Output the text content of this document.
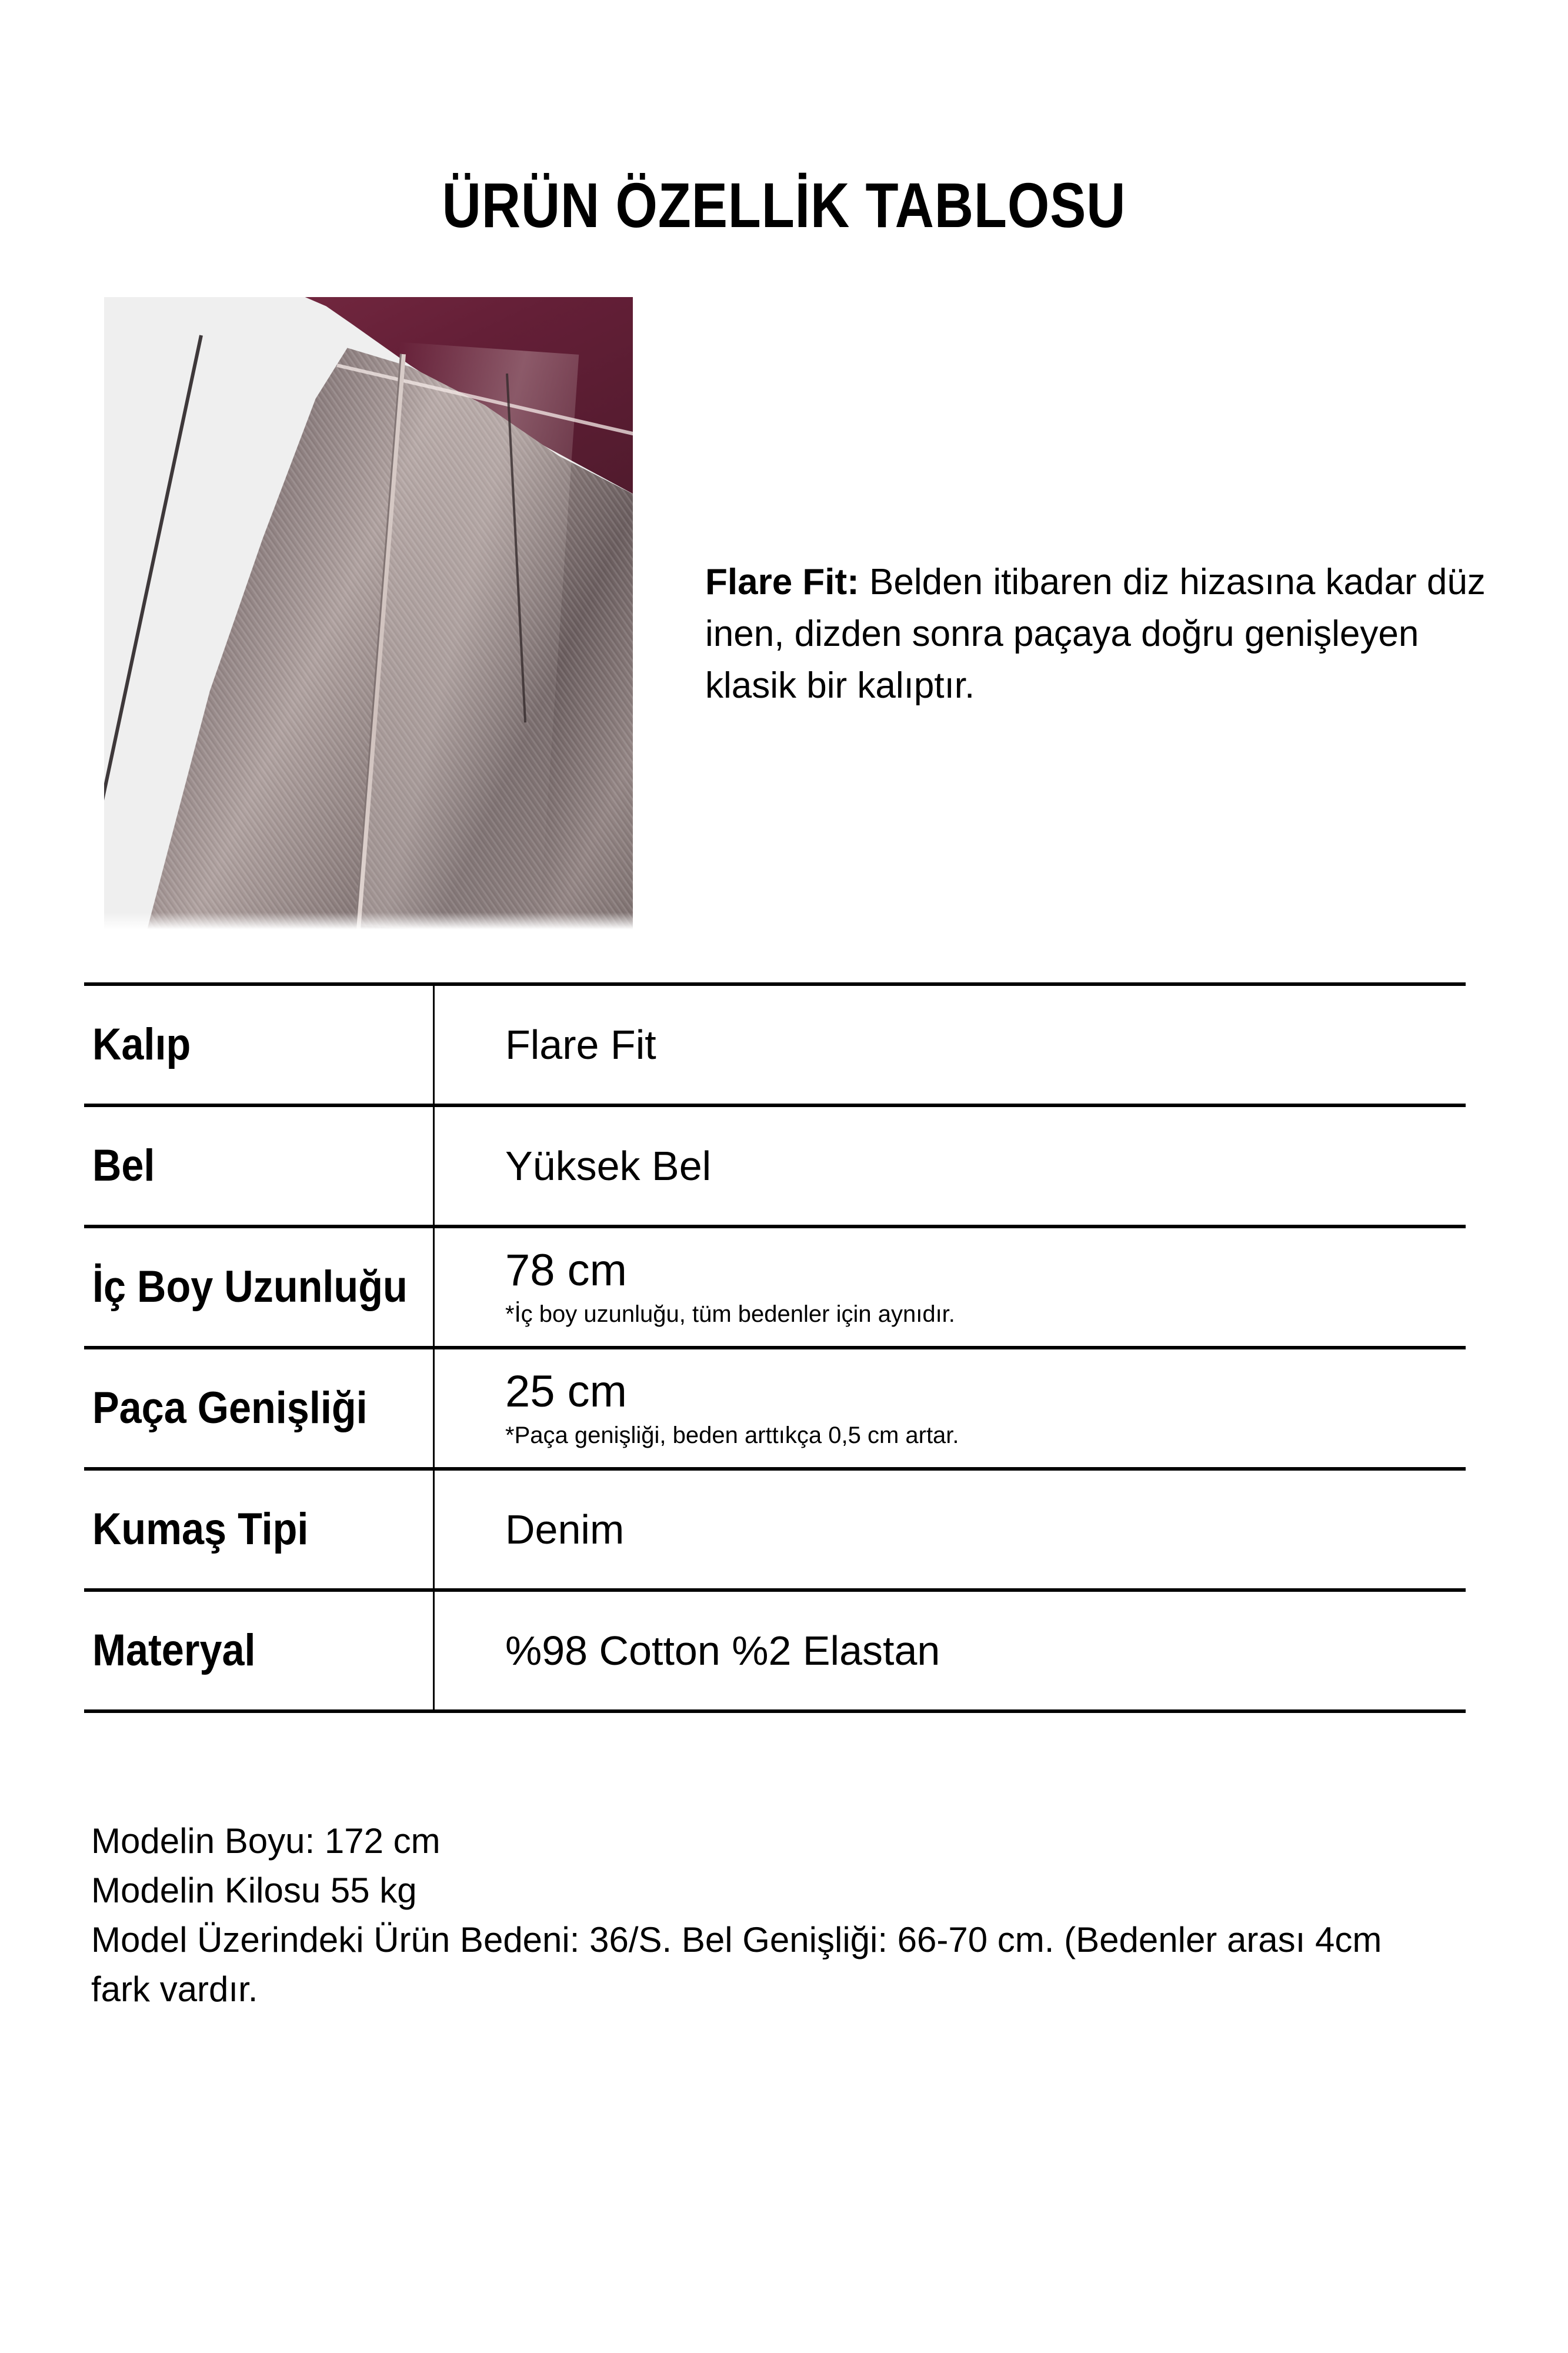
ÜRÜN ÖZELLİK TABLOSU

Flare Fit: Belden itibaren diz hizasına kadar düz inen, dizden sonra paçaya doğru genişleyen klasik bir kalıptır.

Kalıp	Flare Fit
Bel	Yüksek Bel
İç Boy Uzunluğu 78 cm
*İç boy uzunluğu, tüm bedenler için aynıdır.
Paça Genişliği	25 cm
*Paça genişliği, beden arttıkça 0,5 cm artar.
Kumaş Tipi	Denim
Materyal	%98 Cotton %2 Elastan

Modelin Boyu: 172 cm

Modelin Kilosu 55 kg

Model Üzerindeki Ürün Bedeni: 36/S. Bel Genişliği: 66-70 cm. (Bedenler arası 4cm fark vardır.
